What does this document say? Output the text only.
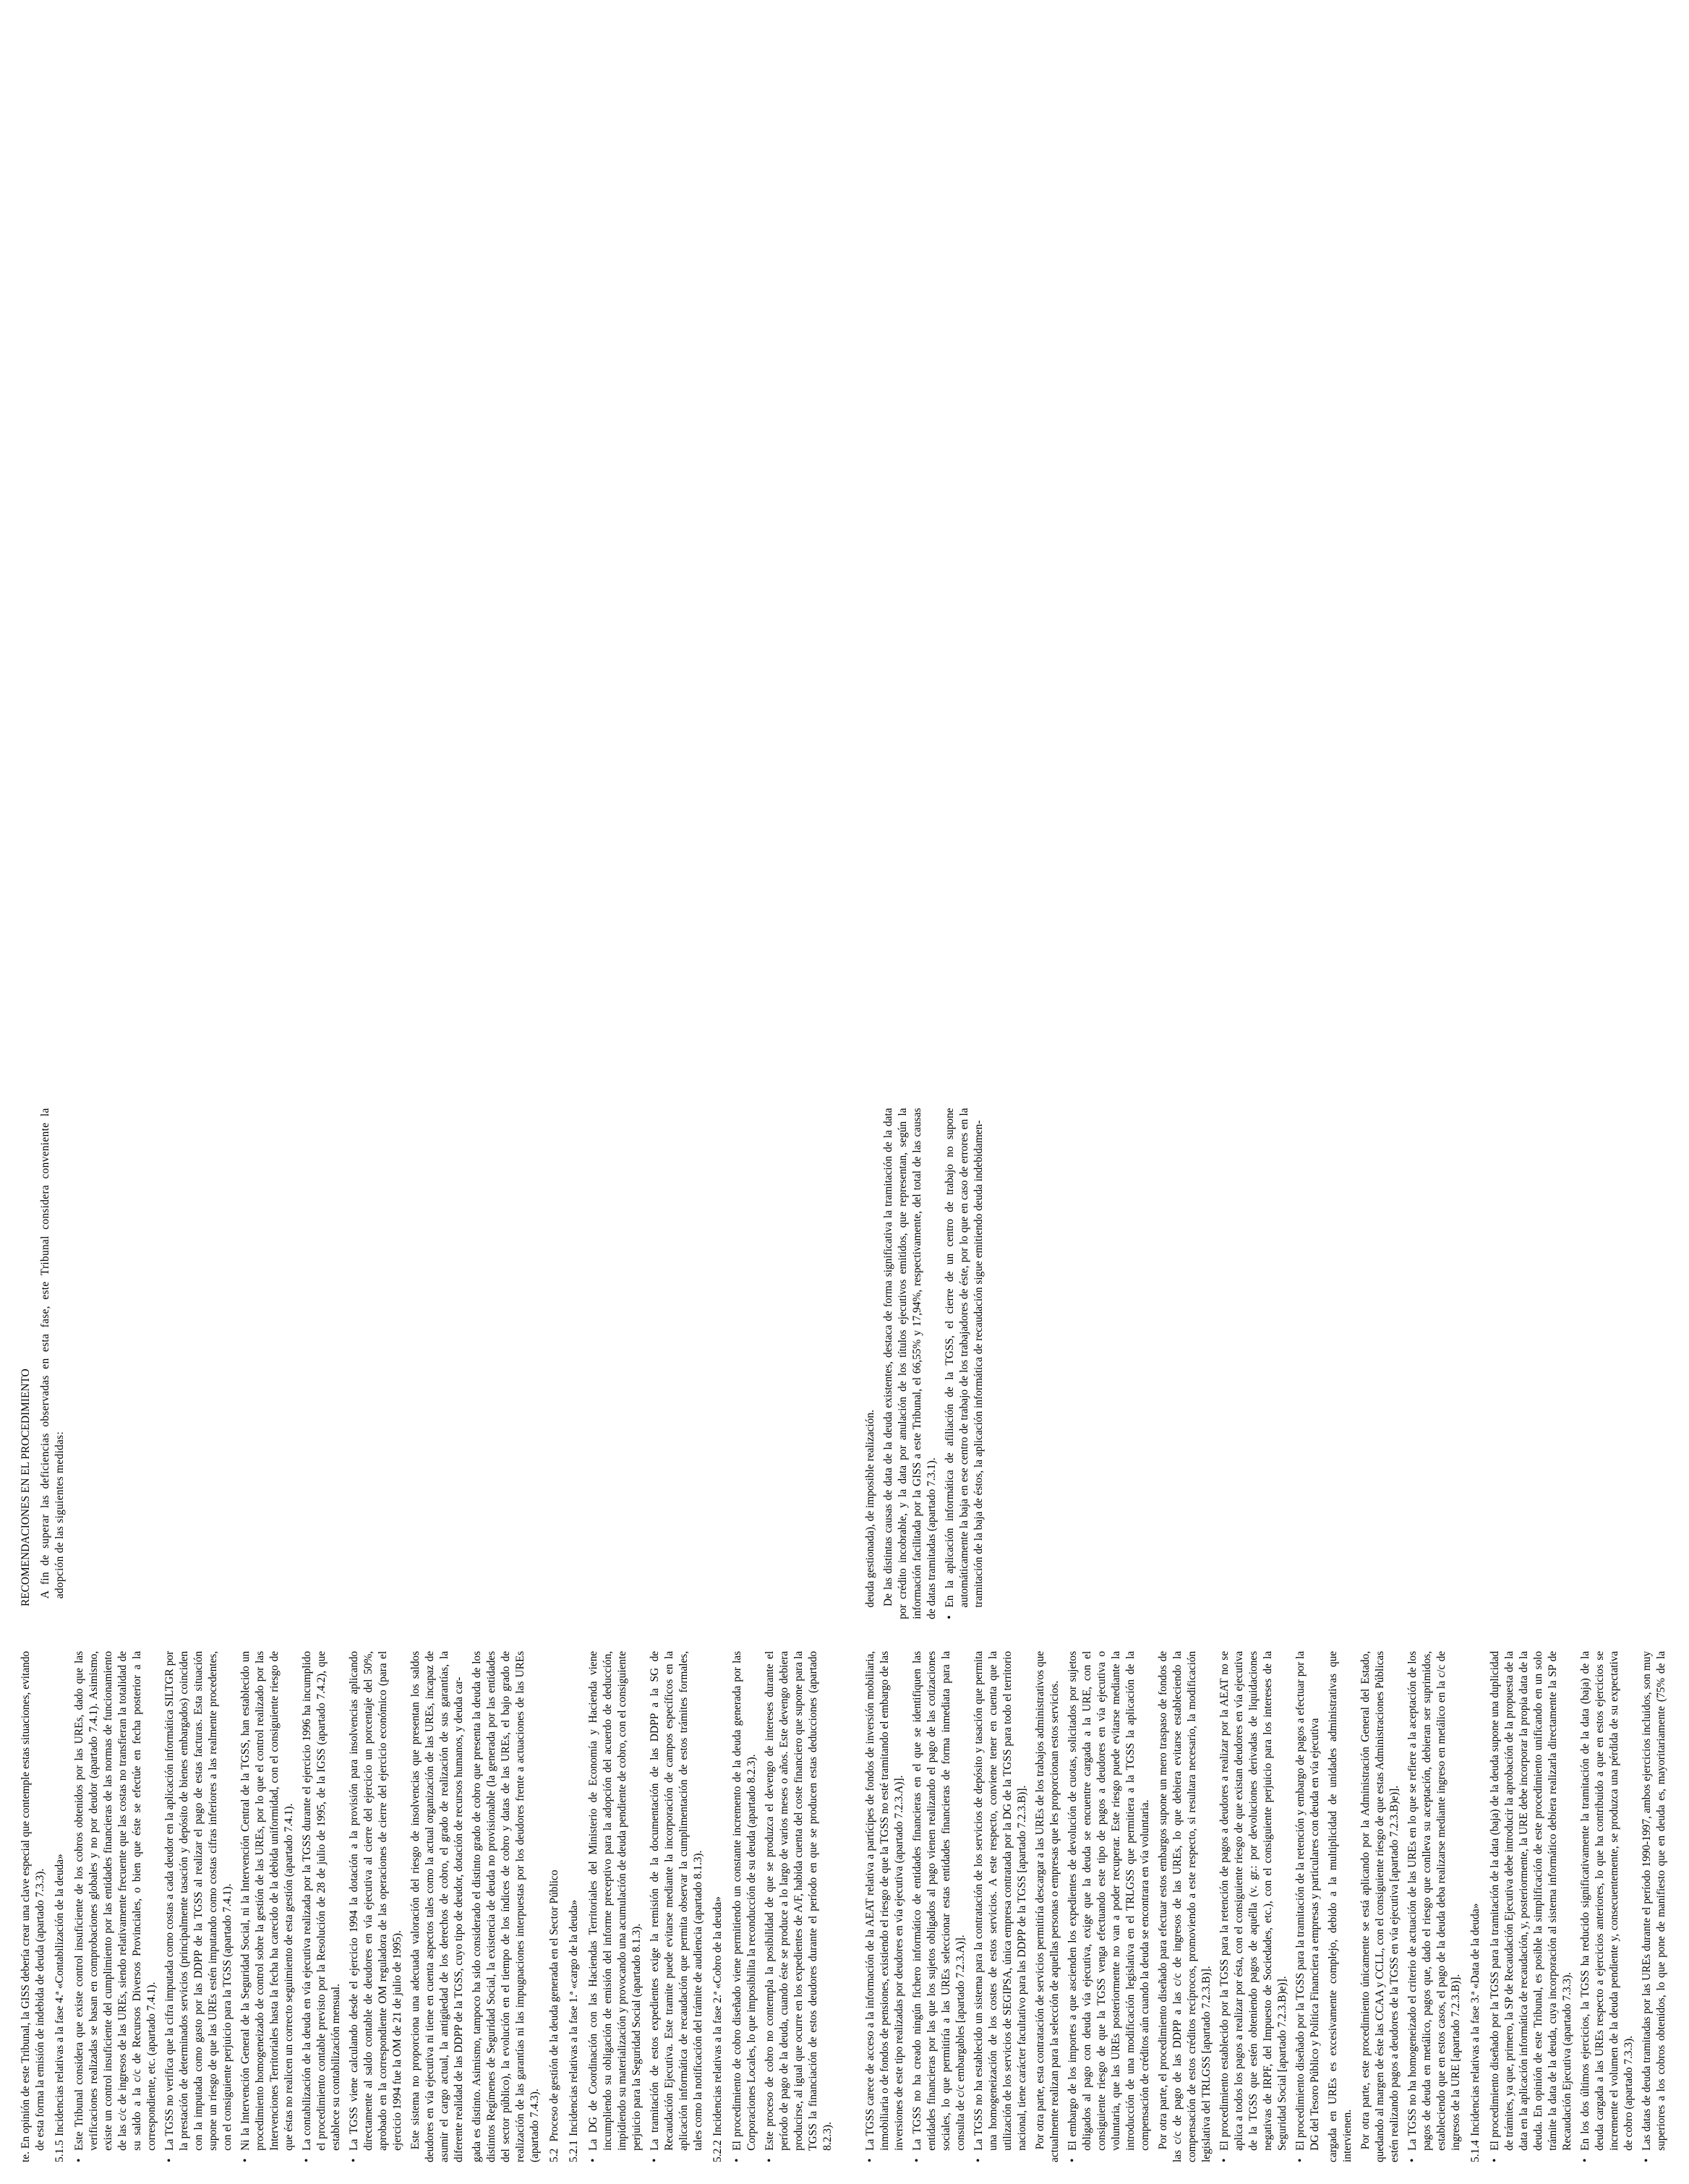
te. En opinión de este Tribunal, la GISS debería crear una clave especial que contemple estas situaciones, evitando de esta forma la emisión de indebida de deuda (apartado 7.3.3).

5.1.5Incidencias relativas a la fase 4.ª «Contabilización de la deuda»

•Este Tribunal considera que existe control insuficiente de los cobros obtenidos por las UREs, dado que las verificaciones realizadas se basan en comprobaciones globales y no por deudor (apartado 7.4.1). Asimismo, existe un control insuficiente del cumplimiento por las entidades financieras de las normas de funcionamiento de las c/c de ingresos de las UREs, siendo relativamente frecuente que las costas no transfieran la totalidad de su saldo a la c/c de Recursos Diversos Provinciales, o bien que éste se efectúe en fecha posterior a la correspondiente, etc. (apartado 7.4.1).

•La TGSS no verifica que la cifra imputada como costas a cada deudor en la aplicación informática SILTGR por la prestación de determinados servicios (principalmente tasación y depósito de bienes embargados) coinciden con la imputada como gasto por las DDPP de la TGSS al realizar el pago de estas facturas. Esta situación supone un riesgo de que las UREs estén imputando como costas cifras inferiores a las realmente procedentes, con el consiguiente perjuicio para la TGSS (apartado 7.4.1).

•Ni la Intervención General de la Seguridad Social, ni la Intervención Central de la TGSS, han establecido un procedimiento homogeneizado de control sobre la gestión de las UREs, por lo que el control realizado por las Intervenciones Territoriales hasta la fecha ha carecido de la debida uniformidad, con el consiguiente riesgo de que éstas no realicen un correcto seguimiento de esta gestión (apartado 7.4.1).

•La contabilización de la deuda en vía ejecutiva realizada por la TGSS durante el ejercicio 1996 ha incumplido el procedimiento contable previsto por la Resolución de 28 de julio de 1995, de la IGSS (apartado 7.4.2), que establece su contabilización mensual.

•La TGSS viene calculando desde el ejercicio 1994 la dotación a la provisión para insolvencias aplicando directamente al saldo contable de deudores en vía ejecutiva al cierre del ejercicio un porcentaje del 50%, aprobado en la correspondiente OM reguladora de las operaciones de cierre del ejercicio económico (para el ejercicio 1994 fue la OM de 21 de julio de 1995). Este sistema no proporciona una adecuada valoración del riesgo de insolvencias que presentan los saldos deudores en vía ejecutiva ni tiene en cuenta aspectos tales como la actual organización de las UREs, incapaz de asumir el cargo actual, la antigüedad de los derechos de cobro, el grado de realización de sus garantías, la diferente realidad de las DDPP de la TGSS, cuyo tipo de deudor, dotación de recursos humanos, y deuda car- gada es distinto. Asimismo, tampoco ha sido considerado el distinto grado de cobro que presenta la deuda de los distintos Regímenes de Seguridad Social, la existencia de deuda no provisionable (la generada por las entidades del sector público), la evolución en el tiempo de los índices de cobro y datas de las UREs, el bajo grado de realización de las garantías ni las impugnaciones interpuestas por los deudores frente a actuaciones de las UREs (apartado 7.4.3). 5.2Proceso de gestión de la deuda generada en el Sector Público

5.2.1Incidencias relativas a la fase 1.ª «cargo de la deuda»

•La DG de Coordinación con las Haciendas Territoriales del Ministerio de Economía y Hacienda viene incumpliendo su obligación de emisión del informe preceptivo para la adopción del acuerdo de deducción, impidiendo su materialización y provocando una acumulación de deuda pendiente de cobro, con el consiguiente perjuicio para la Seguridad Social (apartado 8.1.3).

•La tramitación de estos expedientes exige la remisión de la documentación de las DDPP a la SG de Recaudación Ejecutiva. Este tramite puede evitarse mediante la incorporación de campos específicos en la aplicación informática de recaudación que permita observar la cumplimentación de estos trámites formales, tales como la notificación del trámite de audiencia (apartado 8.1.3).

5.2.2Incidencias relativas a la fase 2.ª «Cobro de la deuda»

•El procedimiento de cobro diseñado viene permitiendo un constante incremento de la deuda generada por las Corporaciones Locales, lo que imposibilita la reconducción de su deuda (apartado 8.2.3).

•Este proceso de cobro no contempla la posibilidad de que se produzca el devengo de intereses durante el período de pago de la deuda, cuando éste se produce a lo largo de varios meses o años. Este devengo debiera producirse, al igual que ocurre en los expedientes de A/F, habida cuenta del coste financiero que supone para la TGSS la financiación de estos deudores durante el período en que se producen estas deducciones (apartado 8.2.3).

RECOMENDACIONES EN EL PROCEDIMIENTO A fin de superar las deficiencias observadas en esta fase, este Tribunal considera conveniente la adopción de las siguientes medidas:

•La TGSS carece de acceso a la información de la AEAT relativa a partícipes de fondos de inversión mobiliaria, inmobiliaria o de fondos de pensiones, existiendo el riesgo de que la TGSS no esté tramitando el embargo de las inversiones de este tipo realizadas por deudores en vía ejecutiva (apartado 7.2.3.A)].

•La TGSS no ha creado ningún fichero informático de entidades financieras en el que se identifiquen las entidades financieras por las que los sujetos obligados al pago vienen realizando el pago de las cotizaciones sociales, lo que permitiría a las UREs seleccionar estas entidades financieras de forma inmediata para la consulta de c/c embargables [apartado 7.2.3.A)].

•La TGSS no ha establecido un sistema para la contratación de los servicios de depósito y tasación que permita una homogeneización de los costes de estos servicios. A este respecto, conviene tener en cuenta que la utilización de los servicios de SEGIPSA, única empresa contratada por la DG de la TGSS para todo el territorio nacional, tiene carácter facultativo para las DDPP de la TGSS [apartado 7.2.3.B)]. Por otra parte, esta contratación de servicios permitiría descargar a las UREs de los trabajos administrativos que actualmente realizan para la selección de aquellas personas o empresas que les proporcionan estos servicios. •El embargo de los importes a que ascienden los expedientes de devolución de cuotas, solicitados por sujetos obligados al pago con deuda vía ejecutiva, exige que la deuda se encuentre cargada a la URE, con el consiguiente riesgo de que la TGSS venga efectuando este tipo de pagos a deudores en vía ejecutiva o voluntaria, que las UREs posteriormente no van a poder recuperar. Este riesgo puede evitarse mediante la introducción de una modificación legislativa en el TRLGSS que permitiera a la TGSS la aplicación de la compensación de créditos aún cuando la deuda se encontrara en vía voluntaria. Por otra parte, el procedimiento diseñado para efectuar estos embargos supone un mero traspaso de fondos de las c/c de pago de las DDPP a las c/c de ingresos de las UREs, lo que debiera evitarse estableciendo la compensación de estos créditos recíprocos, promoviendo a este respecto, si resultara necesario, la modificación legislativa del TRLGSS [apartado 7.2.3.B)]. •El procedimiento establecido por la TGSS para la retención de pagos a deudores a realizar por la AEAT no se aplica a todos los pagos a realizar por ésta, con el consiguiente riesgo de que existan deudores en vía ejecutiva de la TGSS que estén obteniendo pagos de aquélla (v. gr.: por devoluciones derivadas de liquidaciones negativas de IRPF, del Impuesto de Sociedades, etc.), con el consiguiente perjuicio para los intereses de la Seguridad Social [apartado 7.2.3.B)e)].

•El procedimiento diseñado por la TGSS para la tramitación de la retención y embargo de pagos a efectuar por la DG del Tesoro Público y Política Financiera a empresas y particulares con deuda en vía ejecutiva cargada en UREs es excesivamente complejo, debido a la multiplicidad de unidades administrativas que intervienen. Por otra parte, este procedimiento únicamente se está aplicando por la Administración General del Estado, quedando al margen de éste las CCAA y CCLL, con el consiguiente riesgo de que estas Administraciones Públicas estén realizando pagos a deudores de la TGSS en vía ejecutiva [apartado 7.2.3.B)e)]. •La TGSS no ha homogeneizado el criterio de actuación de las UREs en lo que se refiere a la aceptación de los pagos de deuda en metálico, pagos que, dado el riesgo que conlleva su aceptación, debieran ser suprimidos, estableciendo que en estos casos, el pago de la deuda deba realizarse mediante ingreso en metálico en la c/c de ingresos de la URE [apartado 7.2.3.B)].

5.1.4Incidencias relativas a la fase 3.ª «Data de la deuda»

•El procedimiento diseñado por la TGSS para la tramitación de la data (baja) de la deuda supone una duplicidad de trámites, ya que, primero, la SP de Recaudación Ejecutiva debe introducir la aprobación de la propuesta de la data en la aplicación informática de recaudación, y, posteriormente, la URE debe incorporar la propia data de la deuda. En opinión de este Tribunal, es posible la simplificación de este procedimiento unificando en un solo trámite la data de la deuda, cuya incorporación al sistema informático debiera realizarla directamente la SP de Recaudación Ejecutiva (apartado 7.3.3).

•En los dos últimos ejercicios, la TGSS ha reducido significativamente la tramitación de la data (baja) de la deuda cargada a las UREs respecto a ejercicios anteriores, lo que ha contribuido a que en estos ejercicios se incremente el volumen de la deuda pendiente y, consecuentemente, se produzca una pérdida de su expectativa de cobro (apartado 7.3.3).

•Las datas de deuda tramitadas por las UREs durante el período 1990-1997, ambos ejercicios incluidos, son muy superiores a los cobros obtenidos, lo que pone de manifiesto que en deuda es, mayoritariamente (75% de la deuda gestionada), de imposible realización. De las distintas causas de data de la deuda existentes, destaca de forma significativa la tramitación de la data por crédito incobrable, y la data por anulación de los títulos ejecutivos emitidos, que representan, según la información facilitada por la GISS a este Tribunal, el 66,55% y 17,94%, respectivamente, del total de las causas de datas tramitadas (apartado 7.3.1). •En la aplicación informática de afiliación de la TGSS, el cierre de un centro de trabajo no supone automáticamente la baja en ese centro de trabajo de los trabajadores de éste, por lo que en caso de errores en la tramitación de la baja de éstos, la aplicación informática de recaudación sigue emitiendo deuda indebidamen-
